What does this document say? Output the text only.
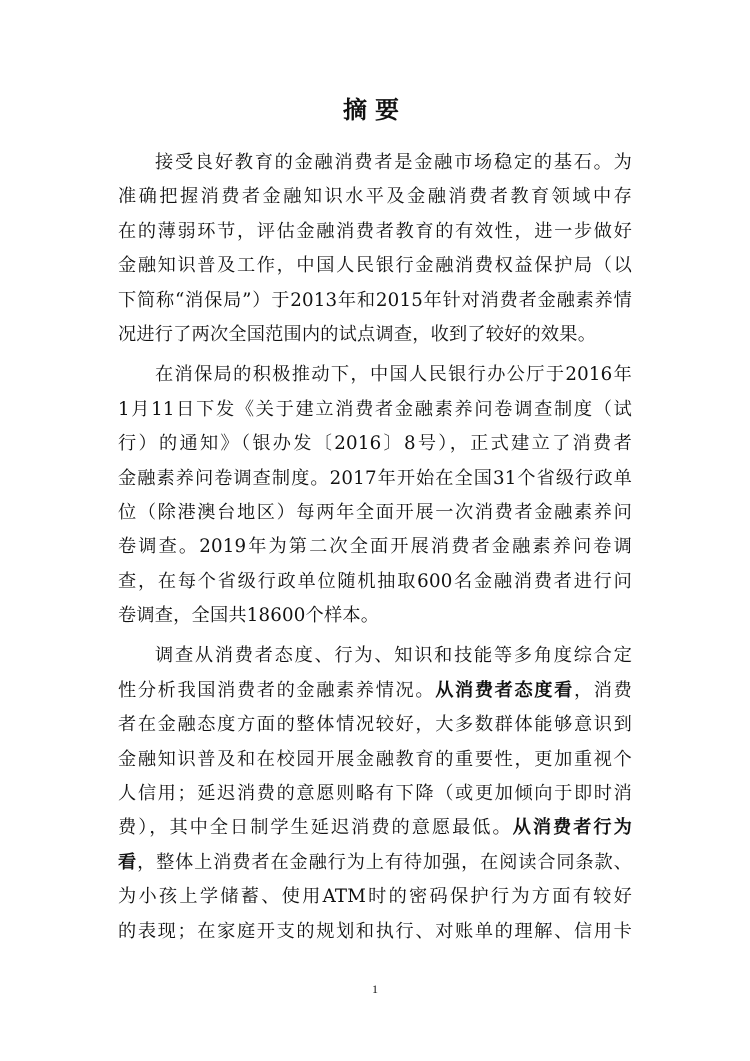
摘要
接受良好教育的金融消费者是金融市场稳定的基石。为
准确把握消费者金融知识水平及金融消费者教育领域中存
在的薄弱环节，评估金融消费者教育的有效性，进一步做好
金融知识普及工作，中国人民银行金融消费权益保护局（以
下简称“消保局”）于2013年和2015年针对消费者金融素养情
况进行了两次全国范围内的试点调查，收到了较好的效果。
在消保局的积极推动下，中国人民银行办公厅于2016年
1月11日下发《关于建立消费者金融素养问卷调查制度（试
行）的通知》（银办发〔2016〕8号），正式建立了消费者
金融素养问卷调查制度。2017年开始在全国31个省级行政单
位（除港澳台地区）每两年全面开展一次消费者金融素养问
卷调查。2019年为第二次全面开展消费者金融素养问卷调
查，在每个省级行政单位随机抽取600名金融消费者进行问
卷调查，全国共18600个样本。
调查从消费者态度、行为、知识和技能等多角度综合定
性分析我国消费者的金融素养情况。从消费者态度看，消费
者在金融态度方面的整体情况较好，大多数群体能够意识到
金融知识普及和在校园开展金融教育的重要性，更加重视个
人信用；延迟消费的意愿则略有下降（或更加倾向于即时消
费），其中全日制学生延迟消费的意愿最低。从消费者行为
看，整体上消费者在金融行为上有待加强，在阅读合同条款、
为小孩上学储蓄、使用ATM时的密码保护行为方面有较好
的表现；在家庭开支的规划和执行、对账单的理解、信用卡
1
